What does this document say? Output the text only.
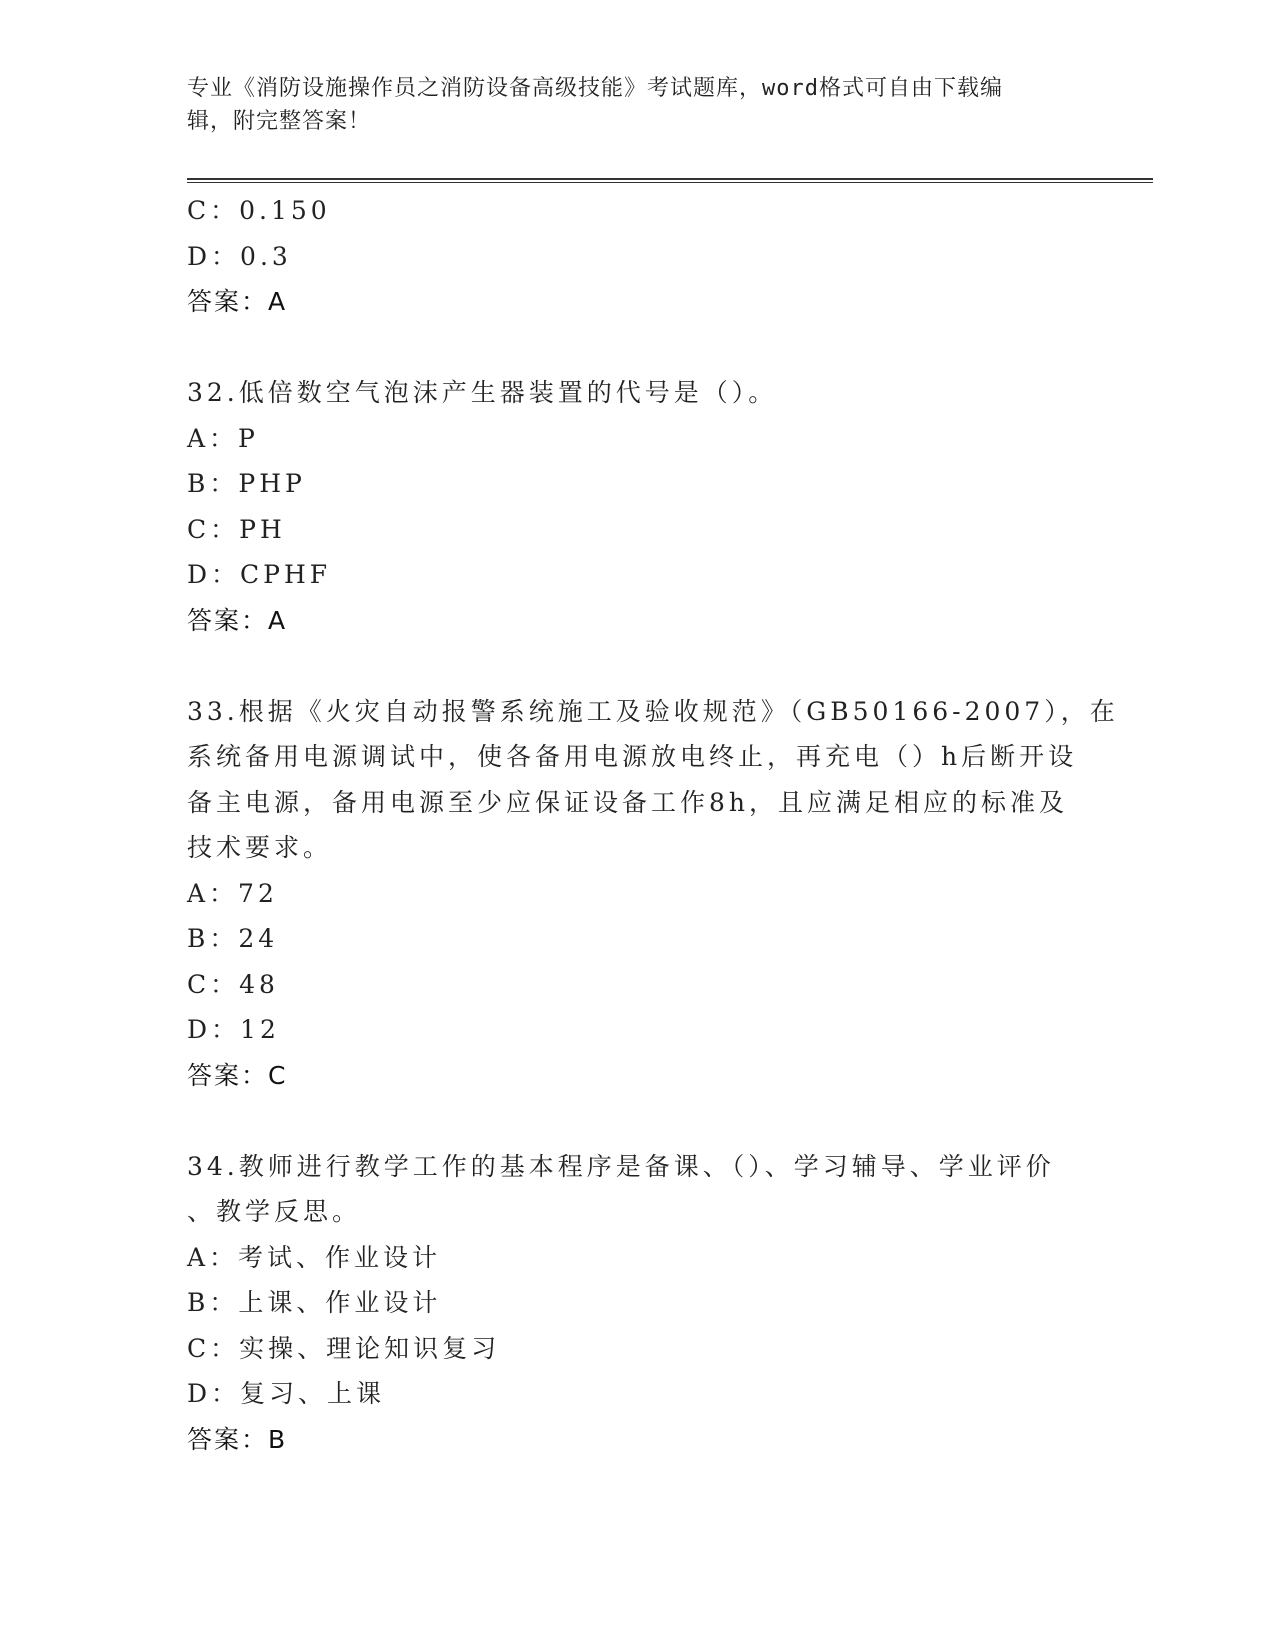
专业《消防设施操作员之消防设备高级技能》考试题库，word格式可自由下载编
辑，附完整答案！
C：0.150
D：0.3
答案：A
32.低倍数空气泡沫产生器装置的代号是（）。
A：P
B：PHP
C：PH
D：CPHF
答案：A
33.根据《火灾自动报警系统施工及验收规范》（GB50166-2007），在
系统备用电源调试中，使各备用电源放电终止，再充电（）h后断开设
备主电源，备用电源至少应保证设备工作8h，且应满足相应的标准及
技术要求。
A：72
B：24
C：48
D：12
答案：C
34.教师进行教学工作的基本程序是备课、（）、学习辅导、学业评价
、教学反思。
A：考试、作业设计
B：上课、作业设计
C：实操、理论知识复习
D：复习、上课
答案：B
